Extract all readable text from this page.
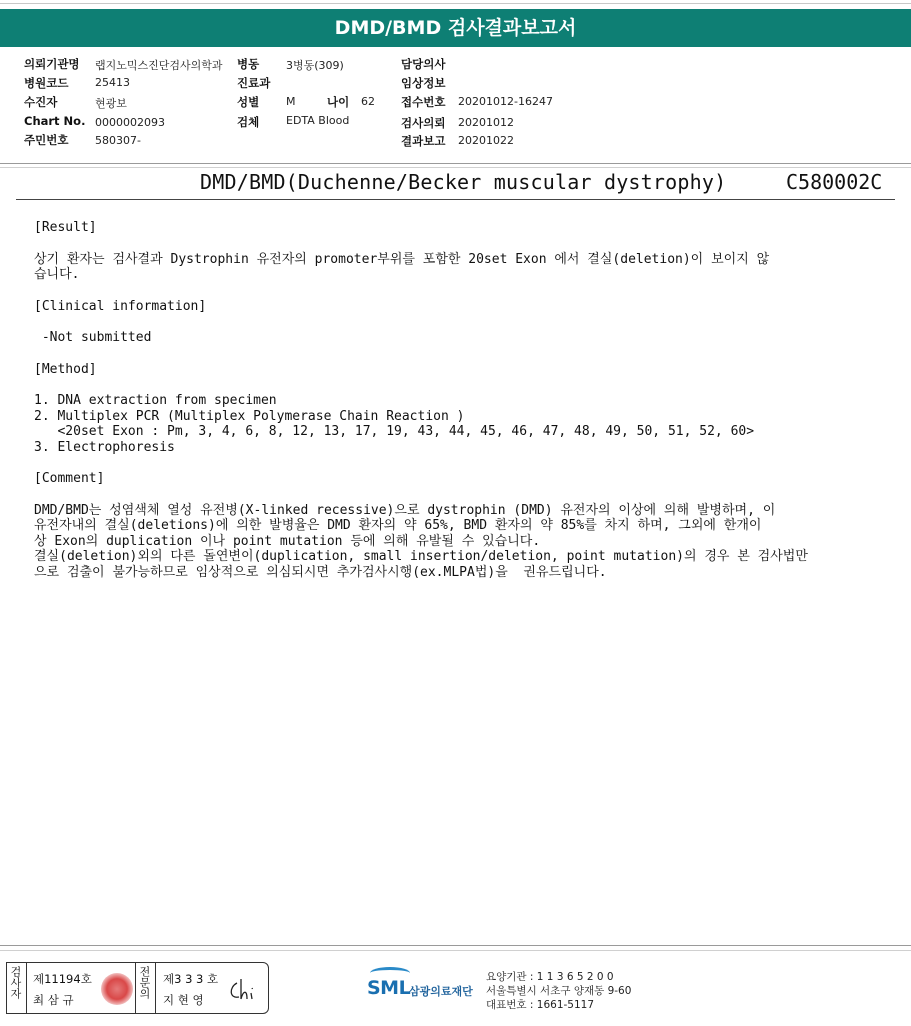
DMD/BMD 검사결과보고서
의뢰기관명 랩지노믹스진단검사의학과 병동 3병동(309)	담당의사
병원코드 25413	진료과	임상정보
수진자	현광보	성별 M	나이 62 접수번호 20201012-16247
Chart No. 0000002093	검체 EDTA Blood	검사의뢰 20201012
주민번호 580307-	결과보고 20201022
DMD/BMD(Duchenne/Becker muscular dystrophy)	C580002C

[Result]

상기 환자는 검사결과 Dystrophin 유전자의 promoter부위를 포함한 20set Exon 에서 결실(deletion)이 보이지 않
습니다.

[Clinical information]

-Not submitted

[Method]

1. DNA extraction from specimen

2. Multiplex PCR (Multiplex Polymerase Chain Reaction )

<20set Exon : Pm, 3, 4, 6, 8, 12, 13, 17, 19, 43, 44, 45, 46, 47, 48, 49, 50, 51, 52, 60>

3. Electrophoresis

[Comment]

DMD/BMD는 성염색체 열성 유전병(X-linked recessive)으로 dystrophin (DMD) 유전자의 이상에 의해 발병하며, 이
유전자내의 결실(deletions)에 의한 발병율은 DMD 환자의 약 65%, BMD 환자의 약 85%를 차지 하며, 그외에 한개이
상 Exon의 duplication 이나 point mutation 등에 의해 유발될 수 있습니다.
결실(deletion)외의 다른 돌연변이(duplication, small insertion/deletion, point mutation)의 경우 본 검사법만
으로 검출이 불가능하므로 임상적으로 의심되시면 추가검사시행(ex.MLPA법)을  권유드립니다.

검사자 제11194호
최 삼 규
전문의 제3 3 3 호
지 현 영
SML
삼광의료재단
요양기관 : 1 1 3 6 5 2 0 0
서울특별시 서초구 양재동 9-60
대표번호 : 1661-5117
